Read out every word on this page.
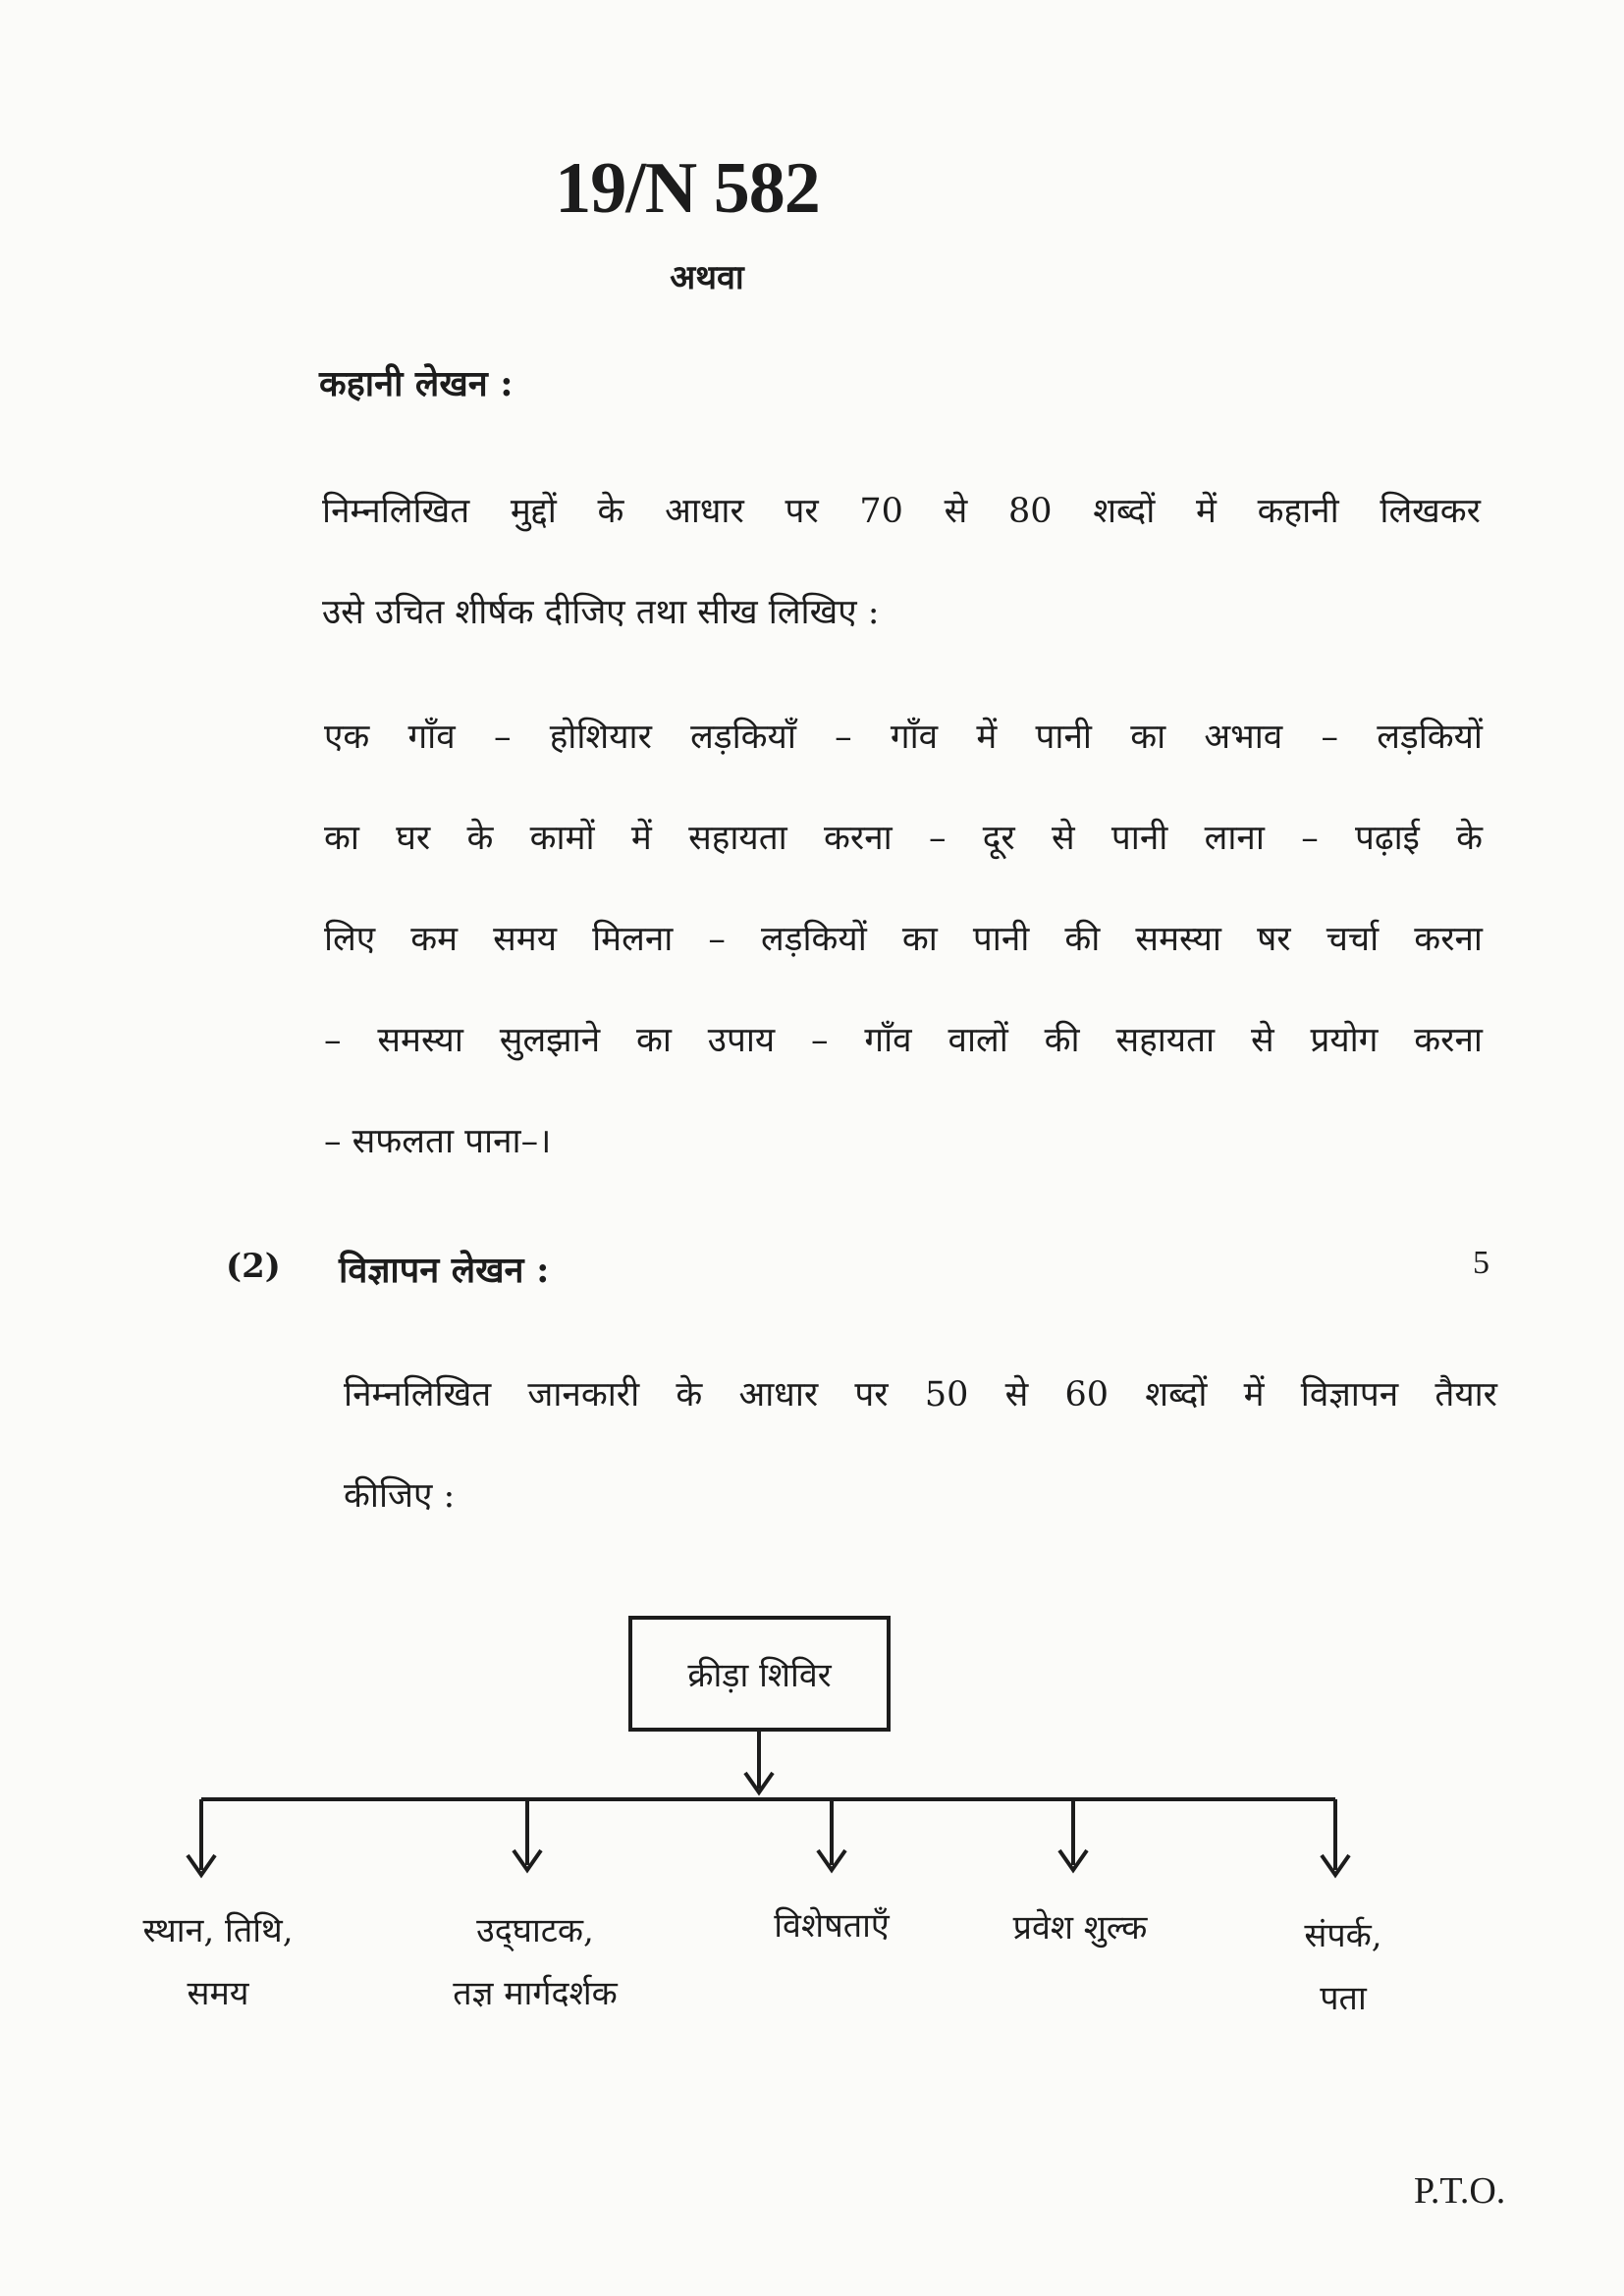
19/N 582
अथवा
कहानी लेखन :
निम्नलिखित मुद्दों के आधार पर 70 से 80 शब्दों में कहानी लिखकर
उसे उचित शीर्षक दीजिए तथा सीख लिखिए :
एक गाँव – होशियार लड़कियाँ – गाँव में पानी का अभाव – लड़कियों
का घर के कामों में सहायता करना – दूर से पानी लाना – पढ़ाई के
लिए कम समय मिलना – लड़कियों का पानी की समस्या षर चर्चा करना
– समस्या सुलझाने का उपाय – गाँव वालों की सहायता से प्रयोग करना
– सफलता पाना–।
(2) विज्ञापन लेखन :	5
निम्नलिखित जानकारी के आधार पर 50 से 60 शब्दों में विज्ञापन तैयार
कीजिए :
क्रीड़ा शिविर
स्थान, तिथि,
समय
उद्‌घाटक,
तज्ञ मार्गदर्शक
विशेषताएँ	प्रवेश शुल्क	संपर्क,
पता
P.T.O.
